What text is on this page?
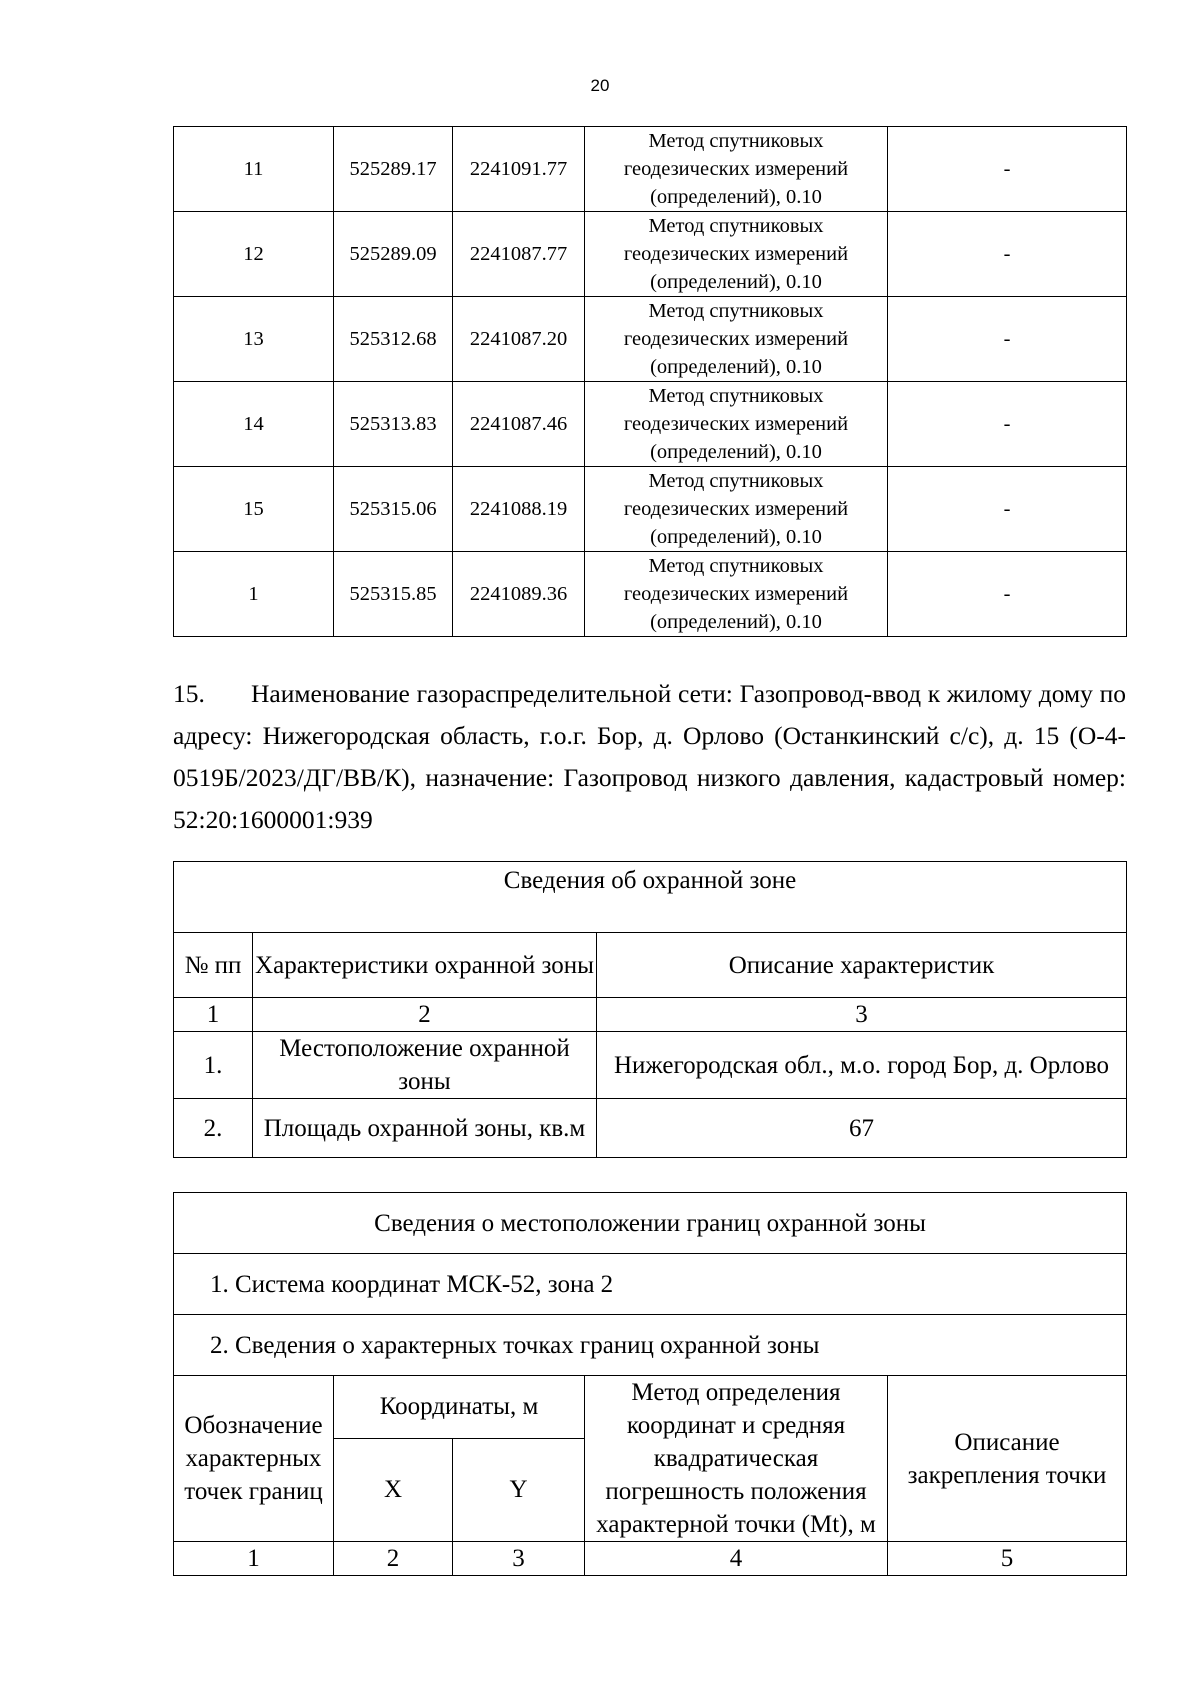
20
11	525289.17	2241091.77	Метод спутниковых
геодезических измерений
(определений), 0.10	-
12	525289.09	2241087.77	Метод спутниковых
геодезических измерений
(определений), 0.10	-
13	525312.68	2241087.20	Метод спутниковых
геодезических измерений
(определений), 0.10	-
14	525313.83	2241087.46	Метод спутниковых
геодезических измерений
(определений), 0.10	-
15	525315.06	2241088.19	Метод спутниковых
геодезических измерений
(определений), 0.10	-
1	525315.85	2241089.36	Метод спутниковых
геодезических измерений
(определений), 0.10	-
15. Наименование газораспределительной сети: Газопровод-ввод к жилому дому по адресу: Нижегородская область, г.о.г. Бор, д. Орлово (Останкинский с/с), д. 15 (О-4-0519Б/2023/ДГ/ВВ/К), назначение: Газопровод низкого давления, кадастровый номер: 52:20:1600001:939
Сведения об охранной зоне		
№ пп	Характеристики охранной зоны	Описание характеристик
1	2	3
1.	Местоположение охранной зоны	Нижегородская обл., м.о. город Бор, д. Орлово
2.	Площадь охранной зоны, кв.м	67
Сведения о местоположении границ охранной зоны				
1. Система координат МСК-52, зона 2				
2. Сведения о характерных точках границ охранной зоны				
Обозначение характерных точек границ	Координаты, м		Метод определения координат и средняя квадратическая погрешность положения характерной точки (Mt), м	Описание закрепления точки
	X	Y		
1	2	3	4	5
